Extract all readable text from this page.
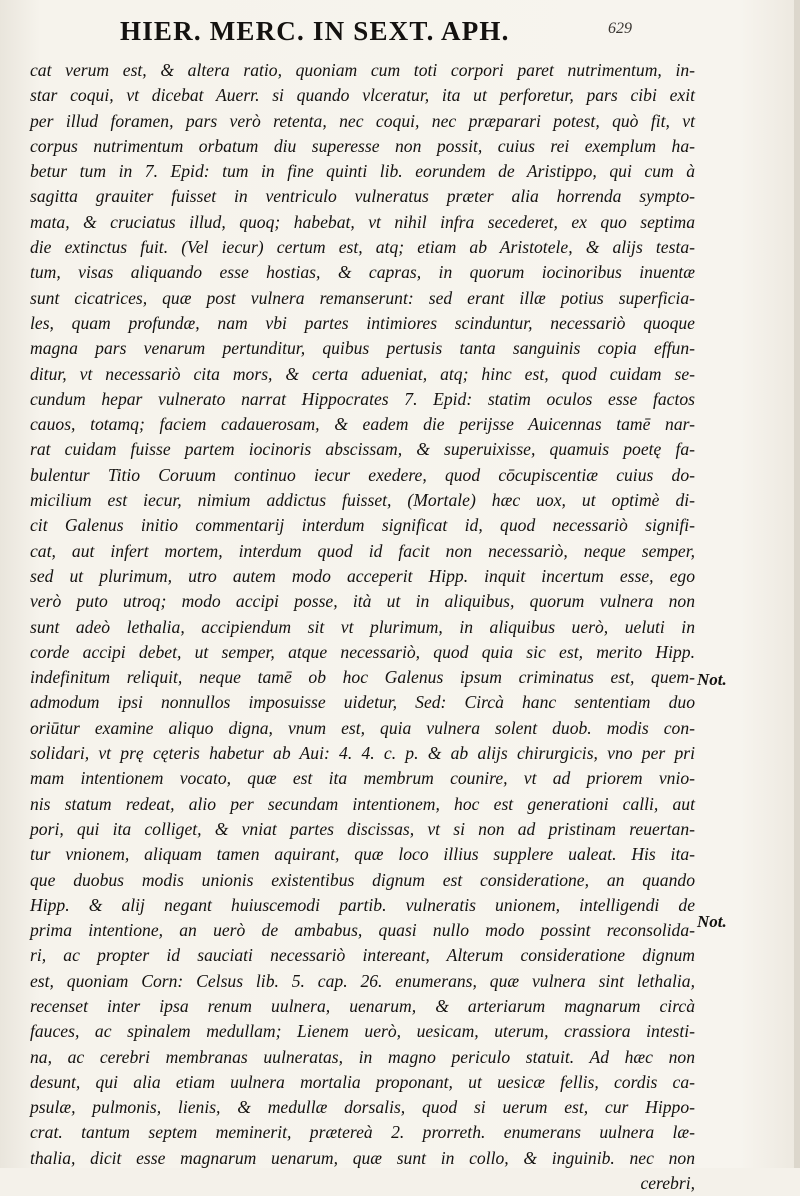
HIER. MERC. IN SEXT. APH.	629
cat verum est, & altera ratio, quoniam cum toti corpori paret nutrimentum, in-
star coqui, vt dicebat Auerr. si quando vlceratur, ita ut perforetur, pars cibi exit
per illud foramen, pars verò retenta, nec coqui, nec præparari potest, quò fit, vt
corpus nutrimentum orbatum diu superesse non possit, cuius rei exemplum ha-
betur tum in 7. Epid: tum in fine quinti lib. eorundem de Aristippo, qui cum à
sagitta grauiter fuisset in ventriculo vulneratus præter alia horrenda sympto-
mata, & cruciatus illud, quoq; habebat, vt nihil infra secederet, ex quo septima
die extinctus fuit. (Vel iecur) certum est, atq; etiam ab Aristotele, & alijs testa-
tum, visas aliquando esse hostias, & capras, in quorum iocinoribus inuentæ
sunt cicatrices, quæ post vulnera remanserunt: sed erant illæ potius superficia-
les, quam profundæ, nam vbi partes intimiores scinduntur, necessariò quoque
magna pars venarum pertunditur, quibus pertusis tanta sanguinis copia effun-
ditur, vt necessariò cita mors, & certa adueniat, atq; hinc est, quod cuidam se-
cundum hepar vulnerato narrat Hippocrates 7. Epid: statim oculos esse factos
cauos, totamq; faciem cadauerosam, & eadem die perijsse Auicennas tamē nar-
rat cuidam fuisse partem iocinoris abscissam, & superuixisse, quamuis poetę fa-
bulentur Titio Coruum continuo iecur exedere, quod cōcupiscentiæ cuius do-
micilium est iecur, nimium addictus fuisset, (Mortale) hæc uox, ut optimè di-
cit Galenus initio commentarij interdum significat id, quod necessariò signifi-
cat, aut infert mortem, interdum quod id facit non necessariò, neque semper,
sed ut plurimum, utro autem modo acceperit Hipp. inquit incertum esse, ego
verò puto utroq; modo accipi posse, ità ut in aliquibus, quorum vulnera non
sunt adeò lethalia, accipiendum sit vt plurimum, in aliquibus uerò, ueluti in
corde accipi debet, ut semper, atque necessariò, quod quia sic est, merito Hipp.
indefinitum reliquit, neque tamē ob hoc Galenus ipsum criminatus est, quem-
admodum ipsi nonnullos imposuisse uidetur, Sed: Circà hanc sententiam duo
oriūtur examine aliquo digna, vnum est, quia vulnera solent duob. modis con-
solidari, vt prę cęteris habetur ab Aui: 4. 4. c. p. & ab alijs chirurgicis, vno per pri
mam intentionem vocato, quæ est ita membrum counire, vt ad priorem vnio-
nis statum redeat, alio per secundam intentionem, hoc est generationi calli, aut
pori, qui ita colliget, & vniat partes discissas, vt si non ad pristinam reuertan-
tur vnionem, aliquam tamen aquirant, quæ loco illius supplere ualeat. His ita-
que duobus modis unionis existentibus dignum est consideratione, an quando
Hipp. & alij negant huiuscemodi partib. vulneratis unionem, intelligendi de
prima intentione, an uerò de ambabus, quasi nullo modo possint reconsolida-
ri, ac propter id sauciati necessariò intereant, Alterum consideratione dignum
est, quoniam Corn: Celsus lib. 5. cap. 26. enumerans, quæ vulnera sint lethalia,
recenset inter ipsa renum uulnera, uenarum, & arteriarum magnarum circà
fauces, ac spinalem medullam; Lienem uerò, uesicam, uterum, crassiora intesti-
na, ac cerebri membranas uulneratas, in magno periculo statuit. Ad hæc non
desunt, qui alia etiam uulnera mortalia proponant, ut uesicæ fellis, cordis ca-
psulæ, pulmonis, lienis, & medullæ dorsalis, quod si uerum est, cur Hippo-
crat. tantum septem meminerit, prætereà 2. prorreth. enumerans uulnera læ-
thalia, dicit esse magnarum uenarum, quæ sunt in collo, & inguinib. nec non
cerebri,
Not.
Not.
